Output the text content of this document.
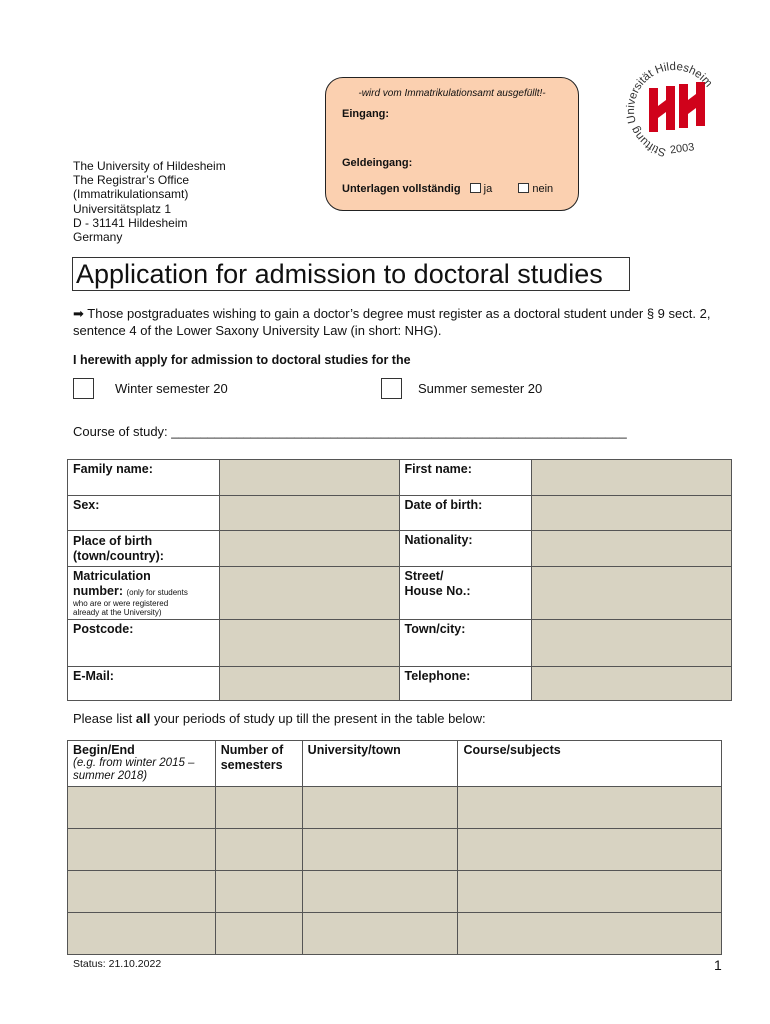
-wird vom Immatrikulationsamt ausgefüllt!-
Eingang:
Geldeingang:
Unterlagen vollständig ja	nein
Stiftung Universität Hildesheim
2003
The University of Hildesheim
The Registrar’s Office
(Immatrikulationsamt)
Universitätsplatz 1
D - 31141 Hildesheim
Germany
Application for admission to doctoral studies
➡ Those postgraduates wishing to gain a doctor’s degree must register as a doctoral student under § 9 sect. 2, sentence 4 of the Lower Saxony University Law (in short: NHG).
I herewith apply for admission to doctoral studies for the
Winter semester 20	Summer semester 20
Course of study: _______________________________________________________________
Family name:		First name:	
Sex:		Date of birth:	
Place of birth
(town/country):		Nationality:	
Matriculation
number: (only for students
who are or were registered
already at the University)		Street/
House No.:	
Postcode:		Town/city:	
E-Mail:		Telephone:	
Please list all your periods of study up till the present in the table below:
Begin/End
(e.g. from winter 2015 – summer 2018)	Number of
semesters	University/town	Course/subjects

Status: 21.10.2022	1
